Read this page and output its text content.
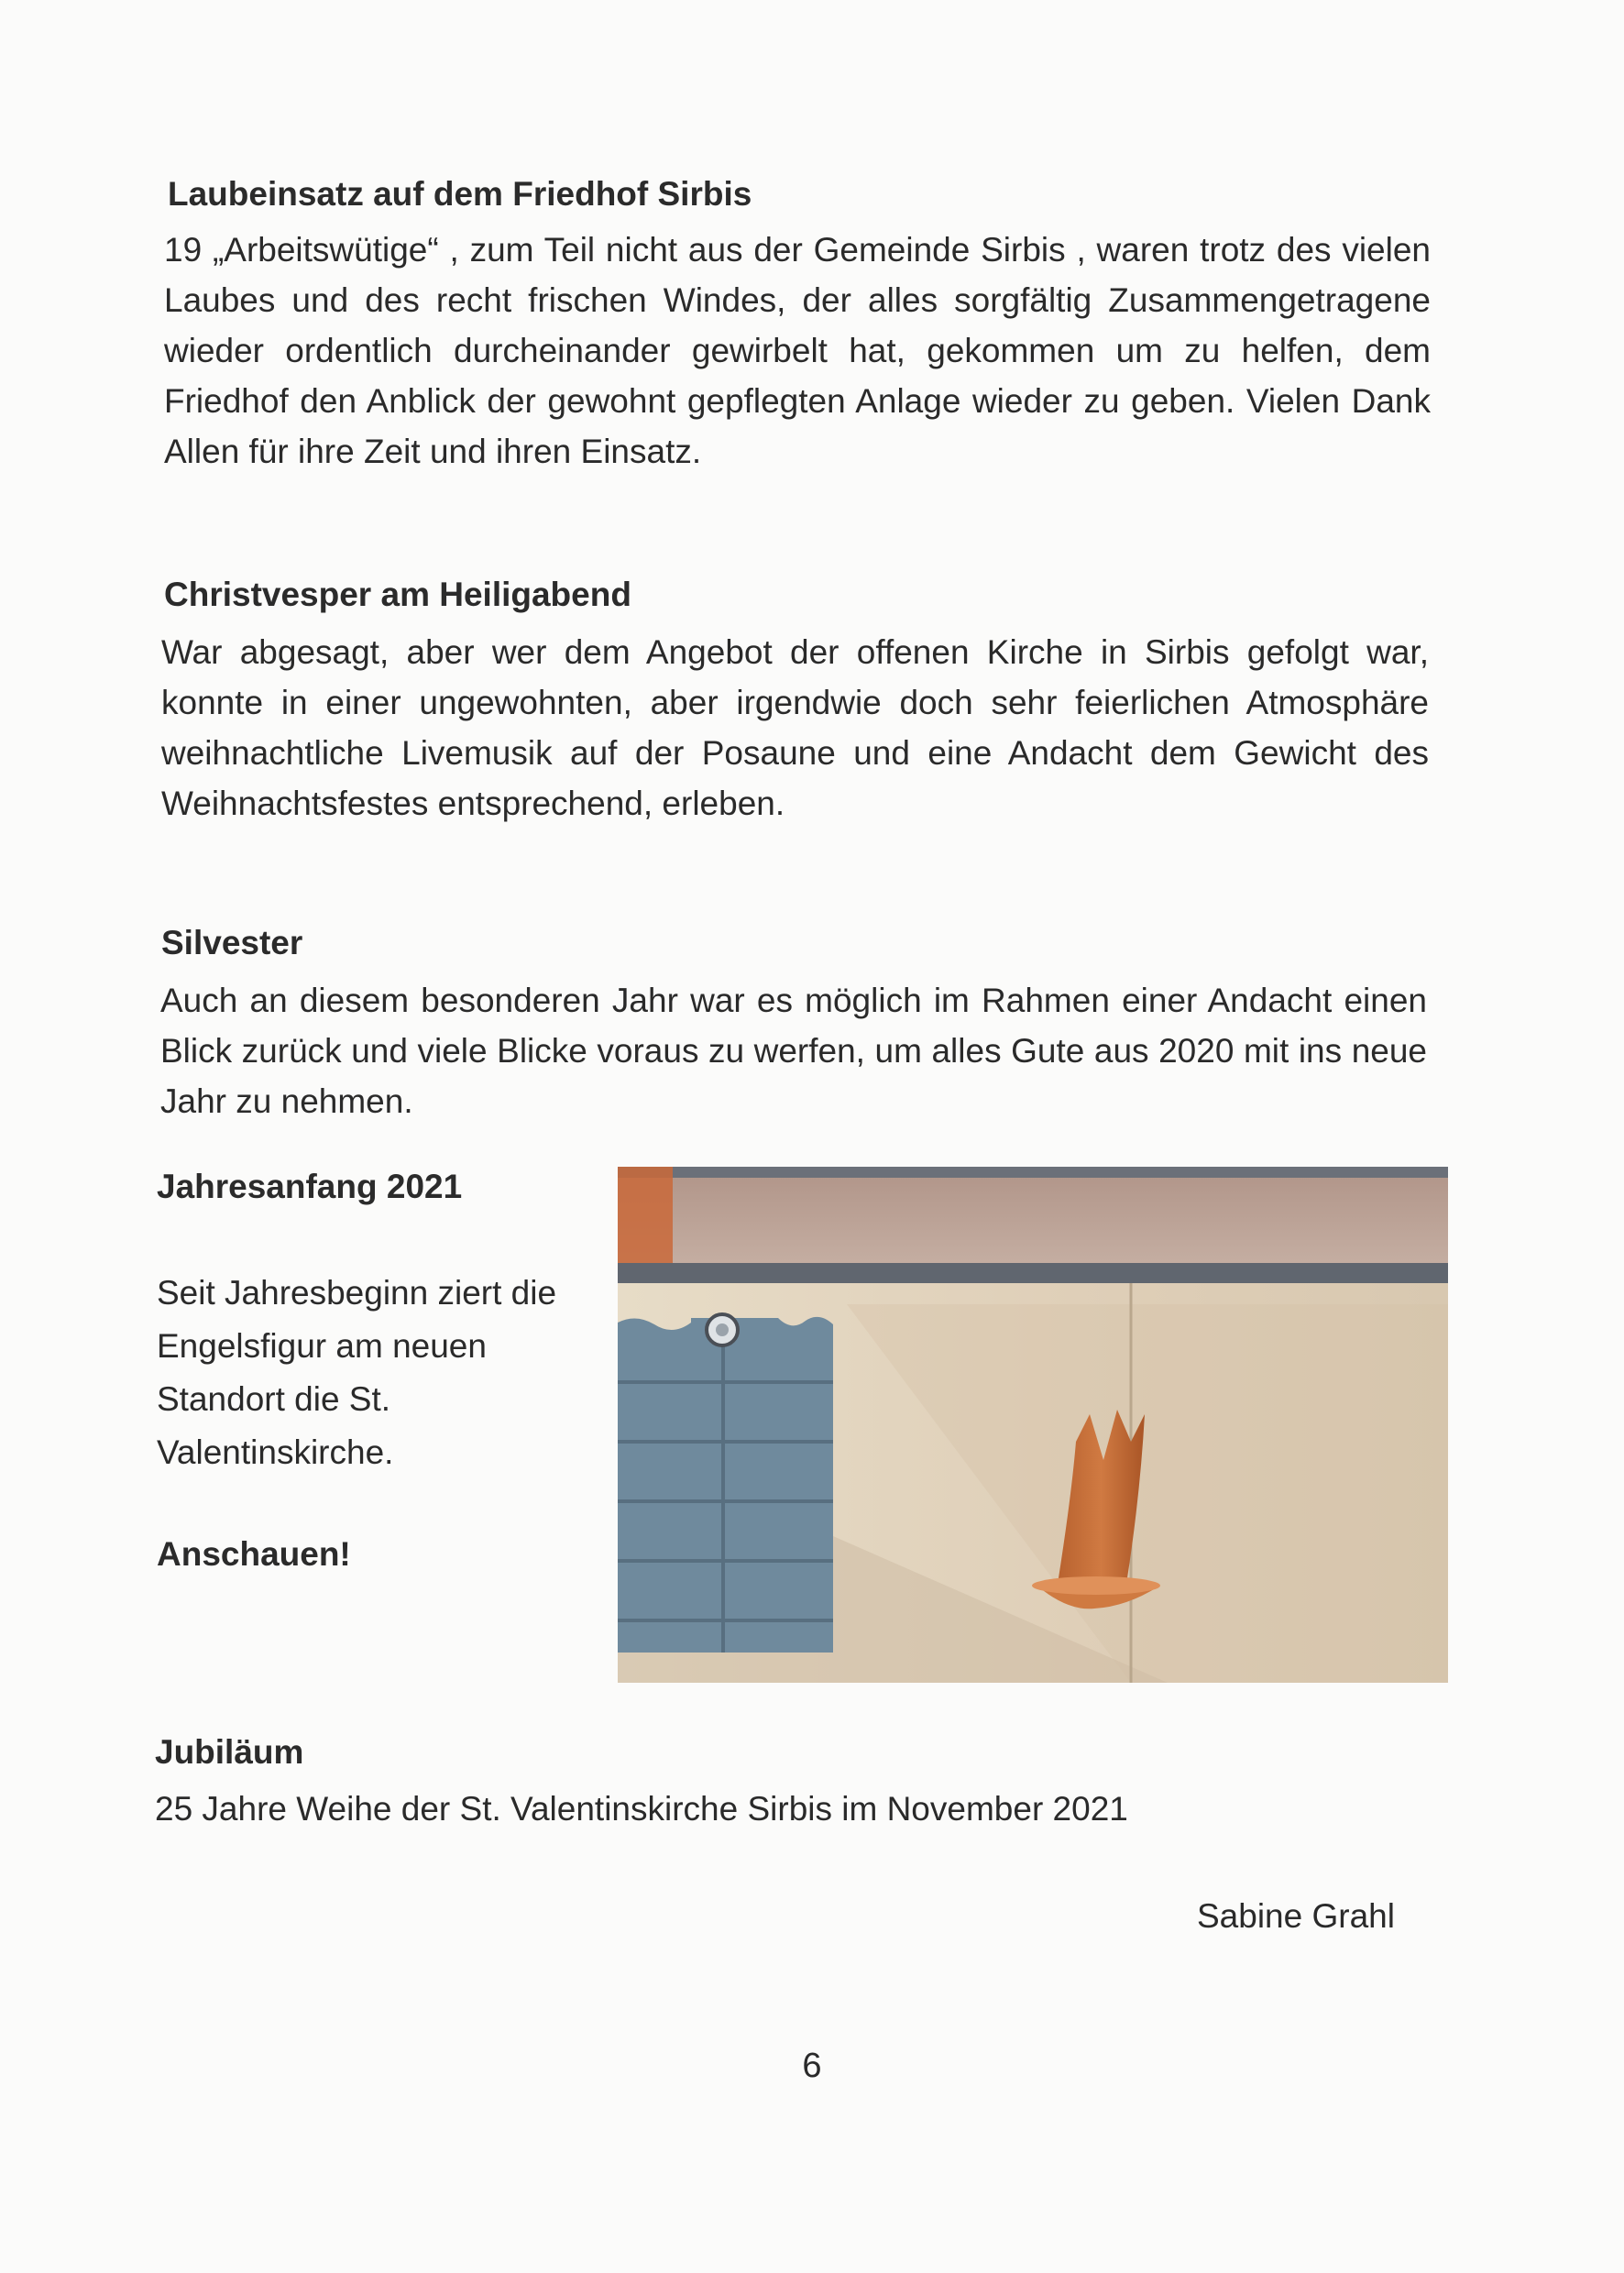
Laubeinsatz auf dem Friedhof Sirbis

19 „Arbeitswütige“ , zum Teil nicht aus der Gemeinde Sirbis , waren trotz des vielen Laubes und des recht frischen Windes, der alles sorgfältig Zusammengetragene wieder ordentlich durcheinander gewirbelt hat, gekommen um zu helfen, dem Friedhof den Anblick der gewohnt gepflegten Anlage wieder zu geben. Vielen Dank Allen für ihre Zeit und ihren Einsatz.

Christvesper am Heiligabend

War abgesagt, aber wer dem Angebot der offenen Kirche in Sirbis gefolgt war, konnte in einer ungewohnten, aber irgendwie doch sehr feierlichen Atmosphäre weihnachtliche Livemusik auf der Posaune und eine Andacht dem Gewicht des Weihnachtsfestes entsprechend, erleben.

Silvester

Auch an diesem besonderen Jahr war es möglich im Rahmen einer Andacht einen Blick zurück und viele Blicke voraus zu werfen, um alles Gute aus 2020 mit ins neue Jahr zu nehmen.

Jahresanfang 2021

Seit Jahresbeginn ziert die Engelsfigur am neuen Standort die St. Valentinskirche.

Anschauen!

Jubiläum

25 Jahre Weihe der St. Valentinskirche Sirbis im November 2021

Sabine Grahl

6
